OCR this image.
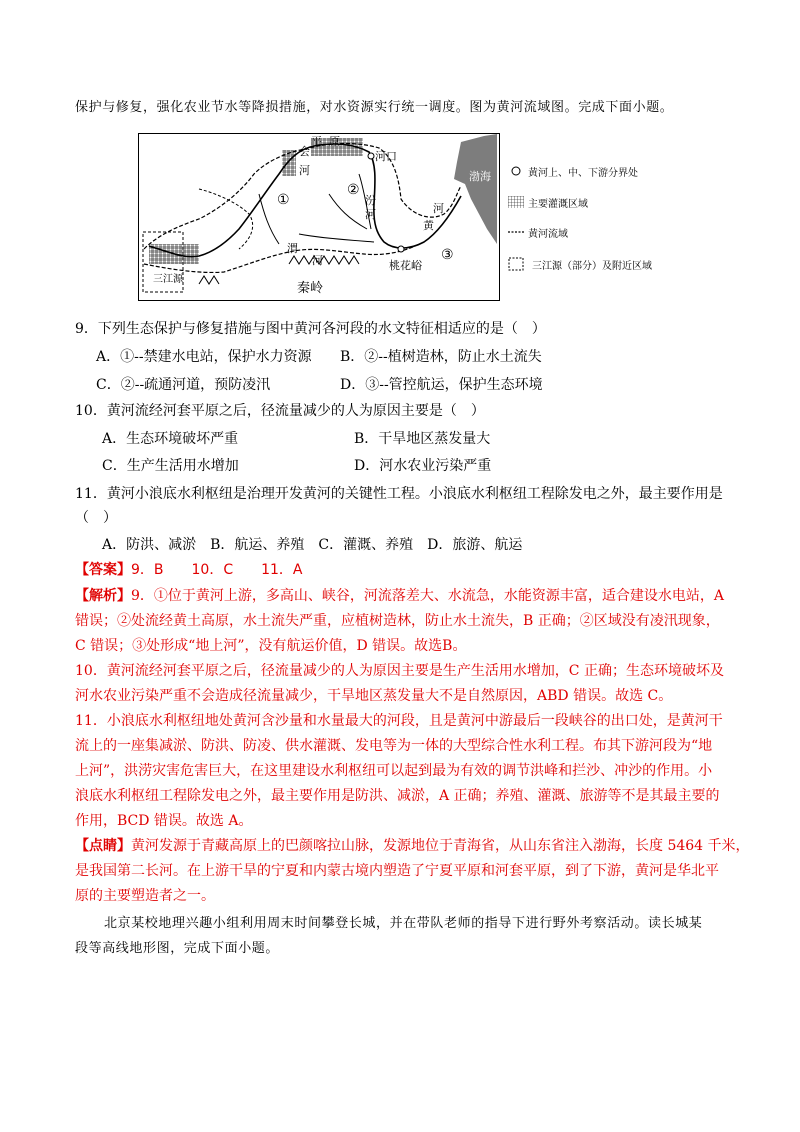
保护与修复，强化农业节水等降损措施，对水资源实行统一调度。图为黄河流域图。完成下面小题。
平 原
会
河
河口
渤海
①
②
③
汾
河
黄
河
渭
河	桃花峪
秦岭
三江源
黄河上、中、下游分界处
主要灌溉区域
黄河流域
三江源（部分）及附近区域
9．下列生态保护与修复措施与图中黄河各河段的水文特征相适应的是（　）
A．①--禁建水电站，保护水力资源 B．②--植树造林，防止水土流失
C．②--疏通河道，预防凌汛	D．③--管控航运，保护生态环境
10．黄河流经河套平原之后，径流量减少的人为原因主要是（　）
A．生态环境破坏严重	B．干旱地区蒸发量大
C．生产生活用水增加	D．河水农业污染严重
11．黄河小浪底水利枢纽是治理开发黄河的关键性工程。小浪底水利枢纽工程除发电之外，最主要作用是
（　）
A．防洪、减淤　B．航运、养殖　C．灌溉、养殖　D．旅游、航运
【答案】9．B　　10．C　　11．A
【解析】9．①位于黄河上游，多高山、峡谷，河流落差大、水流急，水能资源丰富，适合建设水电站，A
错误；②处流经黄土高原，水土流失严重，应植树造林，防止水土流失，B 正确；②区域没有凌汛现象，
C 错误；③处形成“地上河”，没有航运价值，D 错误。故选B。
10．黄河流经河套平原之后，径流量减少的人为原因主要是生产生活用水增加，C 正确；生态环境破坏及
河水农业污染严重不会造成径流量减少，干旱地区蒸发量大不是自然原因，ABD 错误。故选 C。
11．小浪底水利枢纽地处黄河含沙量和水量最大的河段，且是黄河中游最后一段峡谷的出口处，是黄河干
流上的一座集减淤、防洪、防凌、供水灌溉、发电等为一体的大型综合性水利工程。布其下游河段为“地
上河”，洪涝灾害危害巨大，在这里建设水利枢纽可以起到最为有效的调节洪峰和拦沙、冲沙的作用。小
浪底水利枢纽工程除发电之外，最主要作用是防洪、减淤，A 正确；养殖、灌溉、旅游等不是其最主要的
作用，BCD 错误。故选 A。
【点睛】黄河发源于青藏高原上的巴颜喀拉山脉，发源地位于青海省，从山东省注入渤海，长度 5464 千米，
是我国第二长河。在上游干旱的宁夏和内蒙古境内塑造了宁夏平原和河套平原，到了下游，黄河是华北平
原的主要塑造者之一。
北京某校地理兴趣小组利用周末时间攀登长城，并在带队老师的指导下进行野外考察活动。读长城某
段等高线地形图，完成下面小题。
